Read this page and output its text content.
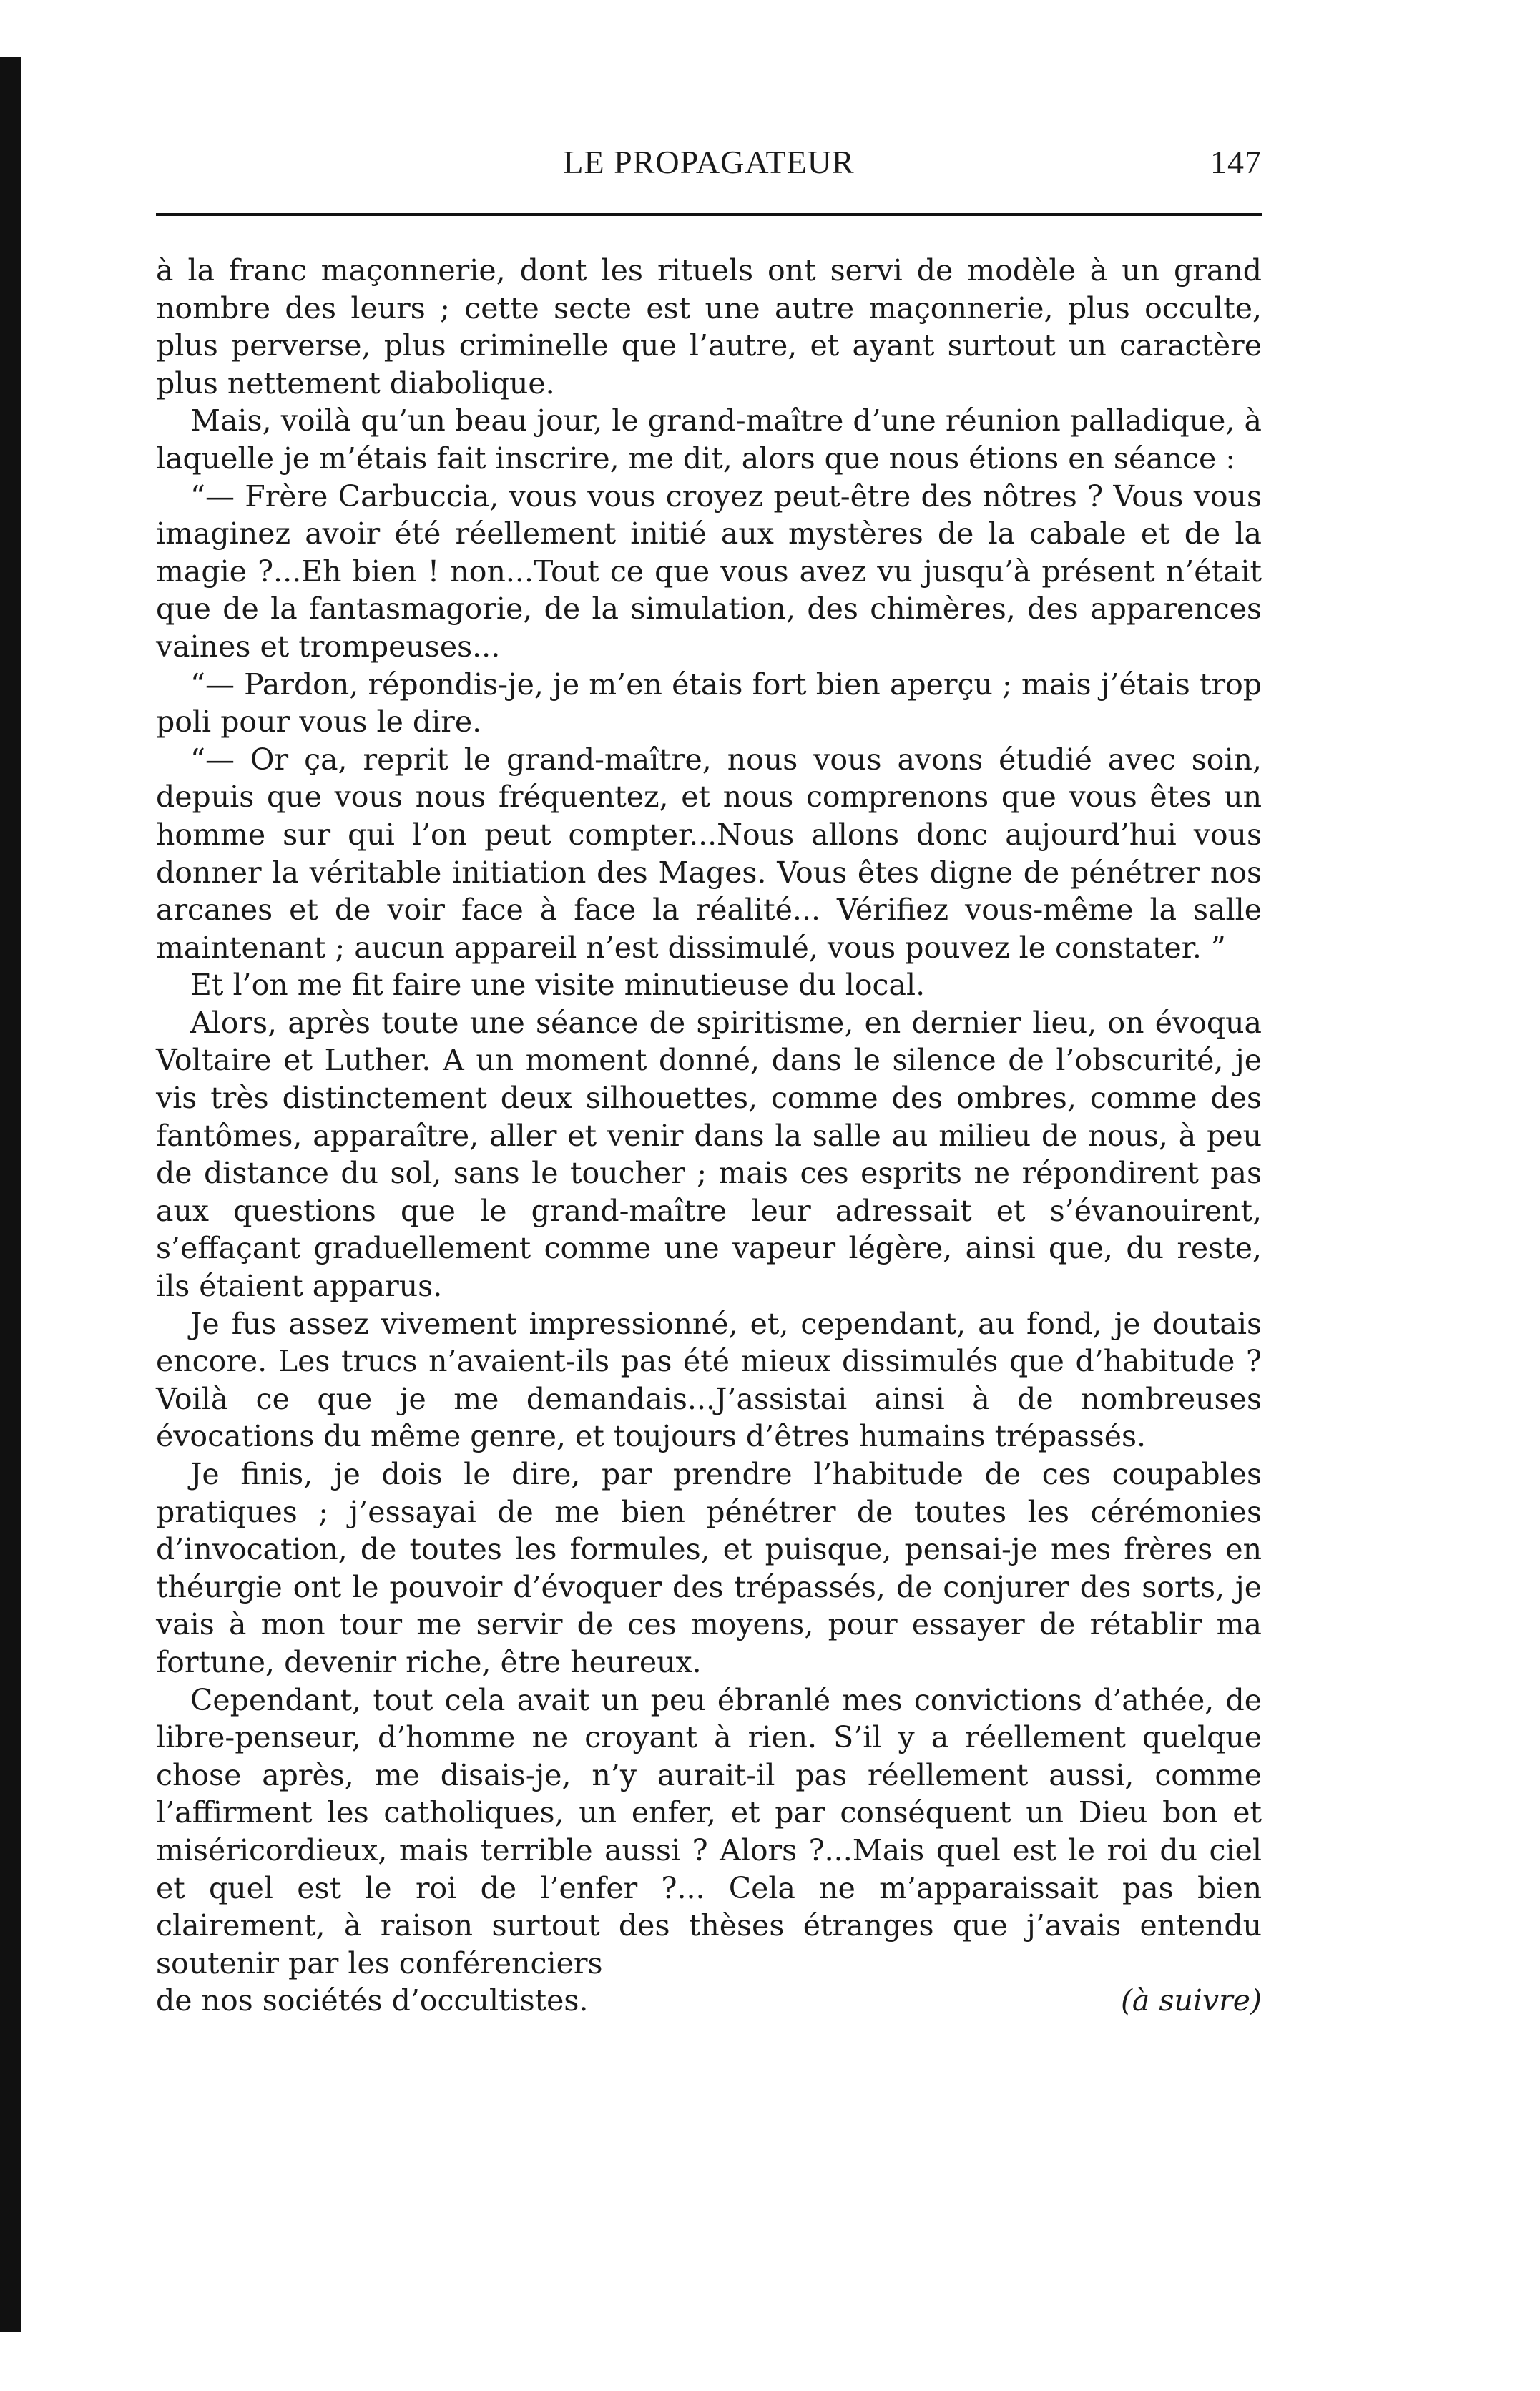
LE PROPAGATEUR	147

à la franc maçonnerie, dont les rituels ont servi de modèle à un grand nombre des leurs ; cette secte est une autre maçonnerie, plus occulte, plus perverse, plus criminelle que l’autre, et ayant surtout un caractère plus nettement diabolique.

Mais, voilà qu’un beau jour, le grand-maître d’une réunion palladique, à laquelle je m’étais fait inscrire, me dit, alors que nous étions en séance :

“— Frère Carbuccia, vous vous croyez peut-être des nôtres ? Vous vous imaginez avoir été réellement initié aux mystères de la cabale et de la magie ?...Eh bien ! non...Tout ce que vous avez vu jusqu’à présent n’était que de la fantasmagorie, de la simulation, des chimères, des apparences vaines et trompeuses...

“— Pardon, répondis-je, je m’en étais fort bien aperçu ; mais j’étais trop poli pour vous le dire.

“— Or ça, reprit le grand-maître, nous vous avons étudié avec soin, depuis que vous nous fréquentez, et nous comprenons que vous êtes un homme sur qui l’on peut compter...Nous allons donc aujourd’hui vous donner la véritable initiation des Mages. Vous êtes digne de pénétrer nos arcanes et de voir face à face la réalité... Vérifiez vous-même la salle maintenant ; aucun appareil n’est dissimulé, vous pouvez le constater. ”

Et l’on me fit faire une visite minutieuse du local.

Alors, après toute une séance de spiritisme, en dernier lieu, on évoqua Voltaire et Luther. A un moment donné, dans le silence de l’obscurité, je vis très distinctement deux silhouettes, comme des ombres, comme des fantômes, apparaître, aller et venir dans la salle au milieu de nous, à peu de distance du sol, sans le toucher ; mais ces esprits ne répondirent pas aux questions que le grand-maître leur adressait et s’évanouirent, s’effaçant graduellement comme une vapeur légère, ainsi que, du reste, ils étaient apparus.

Je fus assez vivement impressionné, et, cependant, au fond, je doutais encore. Les trucs n’avaient-ils pas été mieux dissimulés que d’habitude ? Voilà ce que je me demandais...J’assistai ainsi à de nombreuses évocations du même genre, et toujours d’êtres humains trépassés.

Je finis, je dois le dire, par prendre l’habitude de ces coupables pratiques ; j’essayai de me bien pénétrer de toutes les cérémonies d’invocation, de toutes les formules, et puisque, pensai-je mes frères en théurgie ont le pouvoir d’évoquer des trépassés, de conjurer des sorts, je vais à mon tour me servir de ces moyens, pour essayer de rétablir ma fortune, devenir riche, être heureux.

Cependant, tout cela avait un peu ébranlé mes convictions d’athée, de libre-penseur, d’homme ne croyant à rien. S’il y a réellement quelque chose après, me disais-je, n’y aurait-il pas réellement aussi, comme l’affirment les catholiques, un enfer, et par conséquent un Dieu bon et miséricordieux, mais terrible aussi ? Alors ?...Mais quel est le roi du ciel et quel est le roi de l’enfer ?... Cela ne m’apparaissait pas bien clairement, à raison surtout des thèses étranges que j’avais entendu soutenir par les conférenciers

de nos sociétés d’occultistes.	(à suivre)
